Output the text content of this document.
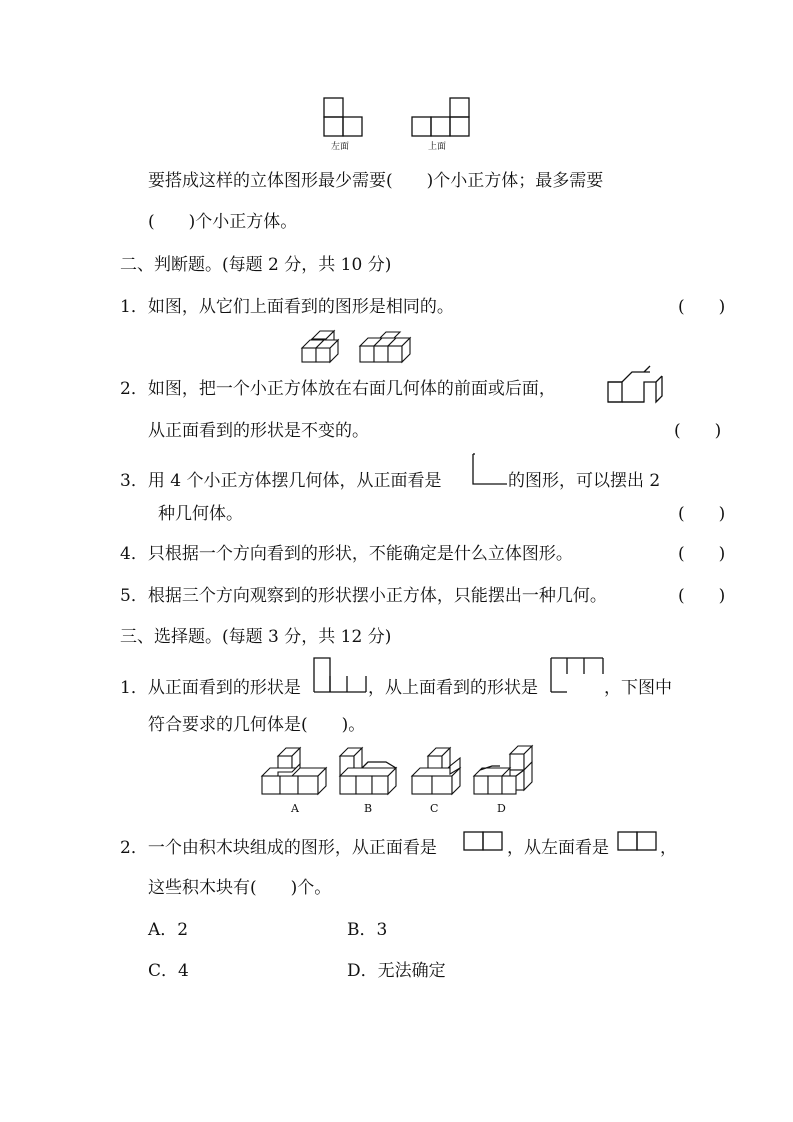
左面	上面
要搭成这样的立体图形最少需要(　　)个小正方体；最多需要
(　　)个小正方体。
二、判断题。(每题 2 分，共 10 分)
1．如图，从它们上面看到的图形是相同的。	(　　)
2．如图，把一个小正方体放在右面几何体的前面或后面，
从正面看到的形状是不变的。	(　　)
3．用 4 个小正方体摆几何体，从正面看是	的图形，可以摆出 2
种几何体。	(　　)
4．只根据一个方向看到的形状，不能确定是什么立体图形。	(　　)
5．根据三个方向观察到的形状摆小正方体，只能摆出一种几何。	(　　)
三、选择题。(每题 3 分，共 12 分)
1．从正面看到的形状是	，从上面看到的形状是	，下图中
符合要求的几何体是(　　)。
A	B	C	D
2．一个由积木块组成的图形，从正面看是	，从左面看是	，
这些积木块有(　　)个。
A．2	B．3
C．4	D．无法确定
